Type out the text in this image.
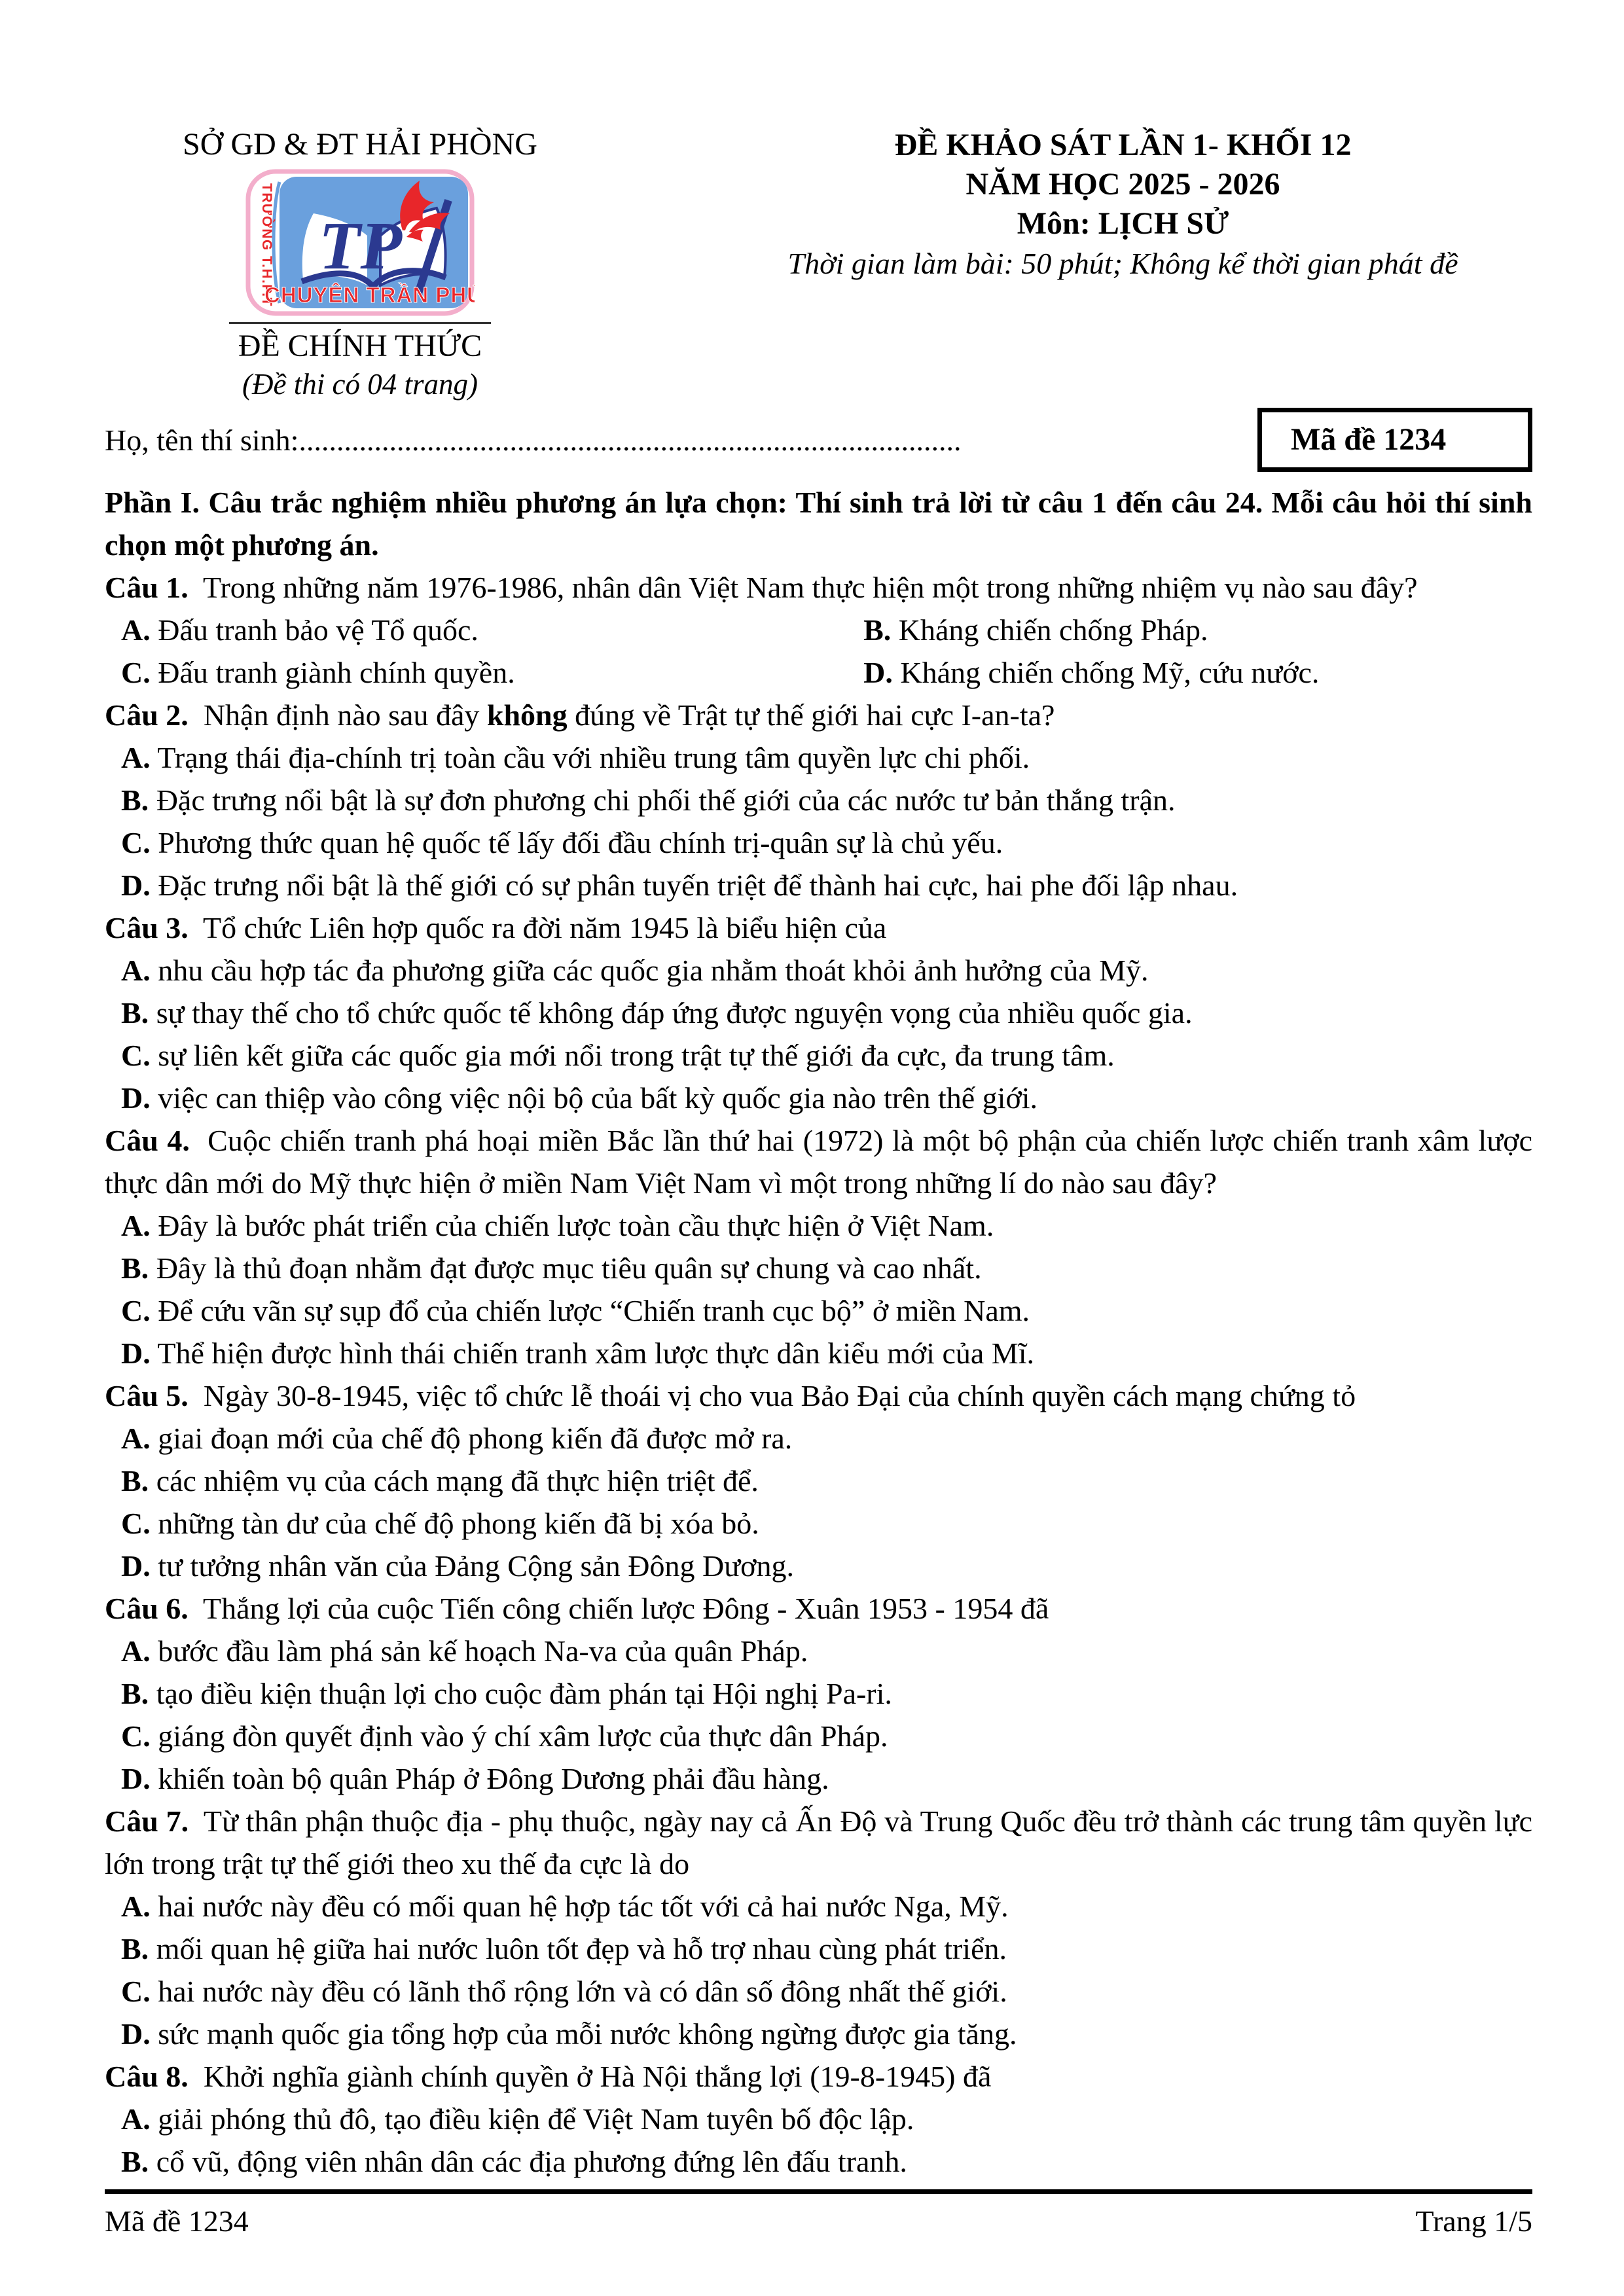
SỞ GD & ĐT HẢI PHÒNG
TRƯỜNG T.H.P.T TP
CHUYÊN TRẦN PHÚ
ĐỀ CHÍNH THỨC
(Đề thi có 04 trang)
ĐỀ KHẢO SÁT LẦN 1- KHỐI 12
NĂM HỌC 2025 - 2026
Môn: LỊCH SỬ
Thời gian làm bài: 50 phút; Không kể thời gian phát đề
Họ, tên thí sinh:........................................................................................	Mã đề 1234
Phần I. Câu trắc nghiệm nhiều phương án lựa chọn: Thí sinh trả lời từ câu 1 đến câu 24. Mỗi câu hỏi thí sinh chọn một phương án.
Câu 1. Trong những năm 1976-1986, nhân dân Việt Nam thực hiện một trong những nhiệm vụ nào sau đây?
A. Đấu tranh bảo vệ Tổ quốc.	B. Kháng chiến chống Pháp.
C. Đấu tranh giành chính quyền.	D. Kháng chiến chống Mỹ, cứu nước.
Câu 2. Nhận định nào sau đây không đúng về Trật tự thế giới hai cực I-an-ta?
A. Trạng thái địa-chính trị toàn cầu với nhiều trung tâm quyền lực chi phối.
B. Đặc trưng nổi bật là sự đơn phương chi phối thế giới của các nước tư bản thắng trận.
C. Phương thức quan hệ quốc tế lấy đối đầu chính trị-quân sự là chủ yếu.
D. Đặc trưng nổi bật là thế giới có sự phân tuyến triệt để thành hai cực, hai phe đối lập nhau.
Câu 3. Tổ chức Liên hợp quốc ra đời năm 1945 là biểu hiện của
A. nhu cầu hợp tác đa phương giữa các quốc gia nhằm thoát khỏi ảnh hưởng của Mỹ.
B. sự thay thế cho tổ chức quốc tế không đáp ứng được nguyện vọng của nhiều quốc gia.
C. sự liên kết giữa các quốc gia mới nổi trong trật tự thế giới đa cực, đa trung tâm.
D. việc can thiệp vào công việc nội bộ của bất kỳ quốc gia nào trên thế giới.
Câu 4. Cuộc chiến tranh phá hoại miền Bắc lần thứ hai (1972) là một bộ phận của chiến lược chiến tranh xâm lược thực dân mới do Mỹ thực hiện ở miền Nam Việt Nam vì một trong những lí do nào sau đây?
A. Đây là bước phát triển của chiến lược toàn cầu thực hiện ở Việt Nam.
B. Đây là thủ đoạn nhằm đạt được mục tiêu quân sự chung và cao nhất.
C. Để cứu vãn sự sụp đổ của chiến lược “Chiến tranh cục bộ” ở miền Nam.
D. Thể hiện được hình thái chiến tranh xâm lược thực dân kiểu mới của Mĩ.
Câu 5. Ngày 30-8-1945, việc tổ chức lễ thoái vị cho vua Bảo Đại của chính quyền cách mạng chứng tỏ
A. giai đoạn mới của chế độ phong kiến đã được mở ra.
B. các nhiệm vụ của cách mạng đã thực hiện triệt để.
C. những tàn dư của chế độ phong kiến đã bị xóa bỏ.
D. tư tưởng nhân văn của Đảng Cộng sản Đông Dương.
Câu 6. Thắng lợi của cuộc Tiến công chiến lược Đông - Xuân 1953 - 1954 đã
A. bước đầu làm phá sản kế hoạch Na-va của quân Pháp.
B. tạo điều kiện thuận lợi cho cuộc đàm phán tại Hội nghị Pa-ri.
C. giáng đòn quyết định vào ý chí xâm lược của thực dân Pháp.
D. khiến toàn bộ quân Pháp ở Đông Dương phải đầu hàng.
Câu 7. Từ thân phận thuộc địa - phụ thuộc, ngày nay cả Ấn Độ và Trung Quốc đều trở thành các trung tâm quyền lực lớn trong trật tự thế giới theo xu thế đa cực là do
A. hai nước này đều có mối quan hệ hợp tác tốt với cả hai nước Nga, Mỹ.
B. mối quan hệ giữa hai nước luôn tốt đẹp và hỗ trợ nhau cùng phát triển.
C. hai nước này đều có lãnh thổ rộng lớn và có dân số đông nhất thế giới.
D. sức mạnh quốc gia tổng hợp của mỗi nước không ngừng được gia tăng.
Câu 8. Khởi nghĩa giành chính quyền ở Hà Nội thắng lợi (19-8-1945) đã
A. giải phóng thủ đô, tạo điều kiện để Việt Nam tuyên bố độc lập.
B. cổ vũ, động viên nhân dân các địa phương đứng lên đấu tranh.
Mã đề 1234	Trang 1/5
